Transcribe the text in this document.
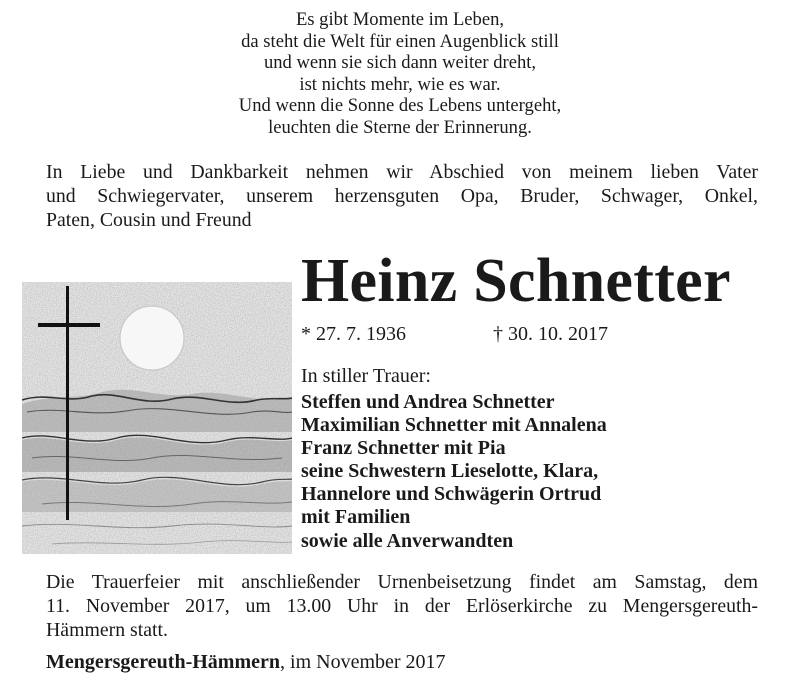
Es gibt Momente im Leben,
da steht die Welt für einen Augenblick still
und wenn sie sich dann weiter dreht,
ist nichts mehr, wie es war.
Und wenn die Sonne des Lebens untergeht,
leuchten die Sterne der Erinnerung.
In Liebe und Dankbarkeit nehmen wir Abschied von meinem lieben Vater
und Schwiegervater, unserem herzensguten Opa, Bruder, Schwager, Onkel,
Paten, Cousin und Freund
Heinz Schnetter
* 27. 7. 1936	† 30. 10. 2017
In stiller Trauer:
Steffen und Andrea Schnetter
Maximilian Schnetter mit Annalena
Franz Schnetter mit Pia
seine Schwestern Lieselotte, Klara,
Hannelore und Schwägerin Ortrud
mit Familien
sowie alle Anverwandten
Die Trauerfeier mit anschließender Urnenbeisetzung findet am Samstag, dem
11. November 2017, um 13.00 Uhr in der Erlöserkirche zu Mengersgereuth-
Hämmern statt.
Mengersgereuth-Hämmern, im November 2017
